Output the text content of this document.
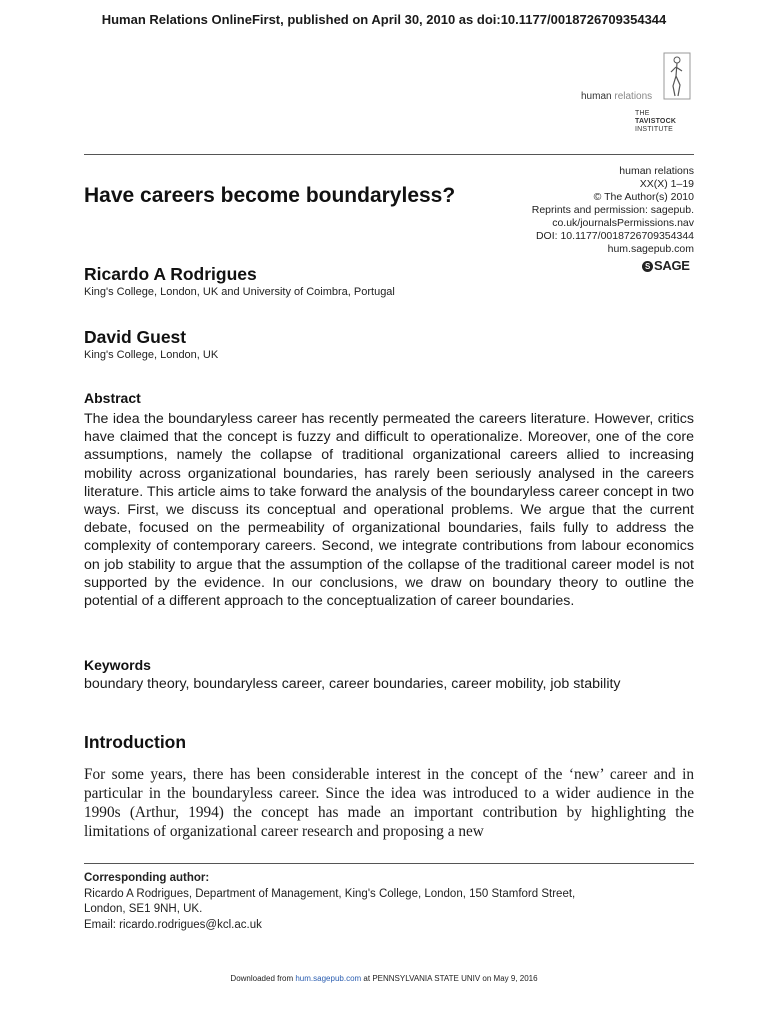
Human Relations OnlineFirst, published on April 30, 2010 as doi:10.1177/0018726709354344
human relations
THE
TAVISTOCK
INSTITUTE
human relations
XX(X) 1–19
© The Author(s) 2010
Reprints and permission: sagepub.
co.uk/journalsPermissions.nav
DOI: 10.1177/0018726709354344
hum.sagepub.com
S SAGE
Have careers become boundaryless?
Ricardo A Rodrigues
King's College, London, UK and University of Coimbra, Portugal
David Guest
King's College, London, UK
Abstract
The idea the boundaryless career has recently permeated the careers literature. However, critics have claimed that the concept is fuzzy and difficult to operationalize. Moreover, one of the core assumptions, namely the collapse of traditional organizational careers allied to increasing mobility across organizational boundaries, has rarely been seriously analysed in the careers literature. This article aims to take forward the analysis of the boundaryless career concept in two ways. First, we discuss its conceptual and operational problems. We argue that the current debate, focused on the permeability of organizational boundaries, fails fully to address the complexity of contemporary careers. Second, we integrate contributions from labour economics on job stability to argue that the assumption of the collapse of the traditional career model is not supported by the evidence. In our conclusions, we draw on boundary theory to outline the potential of a different approach to the conceptualization of career boundaries.
Keywords
boundary theory, boundaryless career, career boundaries, career mobility, job stability
Introduction
For some years, there has been considerable interest in the concept of the ‘new’ career and in particular in the boundaryless career. Since the idea was introduced to a wider audience in the 1990s (Arthur, 1994) the concept has made an important contribution by highlighting the limitations of organizational career research and proposing a new
Corresponding author:
Ricardo A Rodrigues, Department of Management, King's College, London, 150 Stamford Street,
London, SE1 9NH, UK.
Email: ricardo.rodrigues@kcl.ac.uk
Downloaded from hum.sagepub.com at PENNSYLVANIA STATE UNIV on May 9, 2016
